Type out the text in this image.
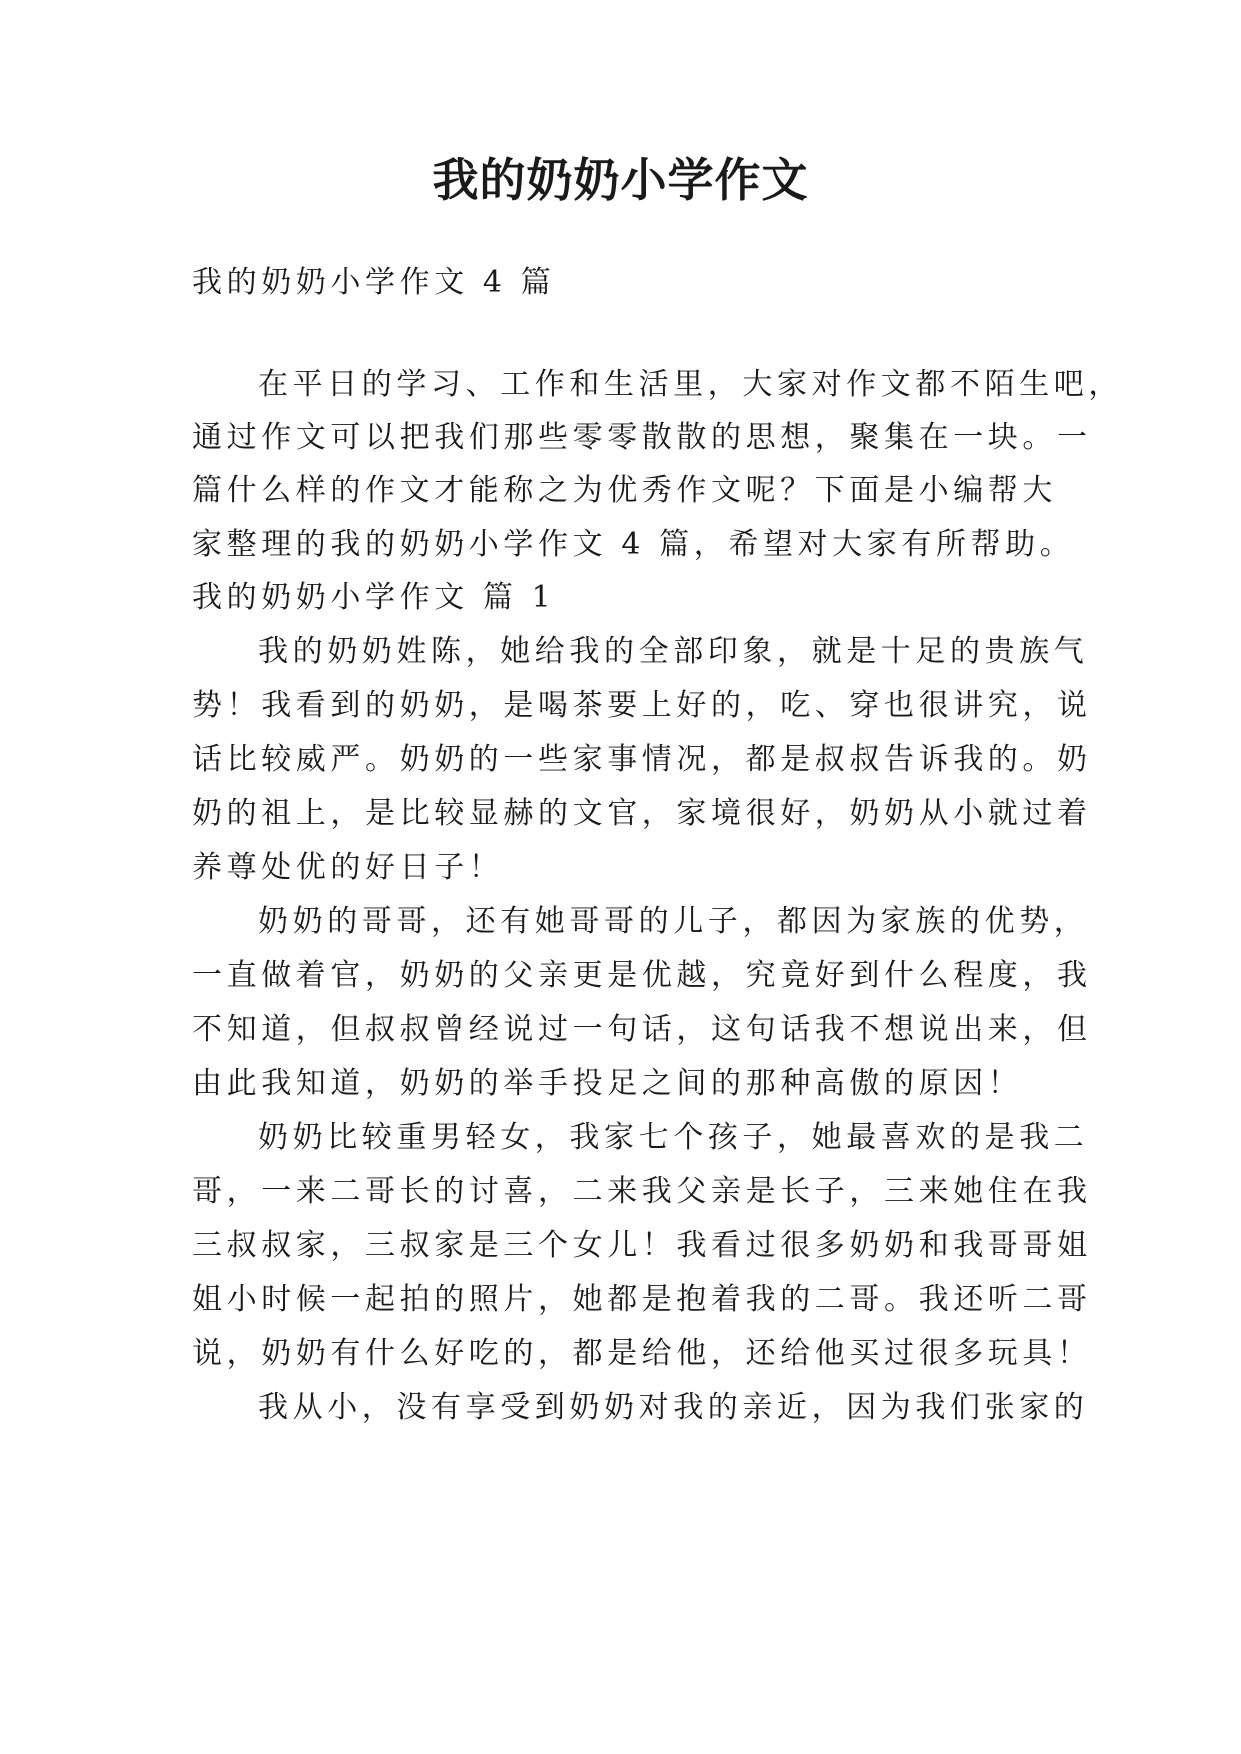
我的奶奶小学作文

我的奶奶小学作文 4 篇

在平日的学习、工作和生活里，大家对作文都不陌生吧，

通过作文可以把我们那些零零散散的思想，聚集在一块。一

篇什么样的作文才能称之为优秀作文呢？下面是小编帮大

家整理的我的奶奶小学作文 4 篇，希望对大家有所帮助。

我的奶奶小学作文 篇 1

我的奶奶姓陈，她给我的全部印象，就是十足的贵族气

势！我看到的奶奶，是喝茶要上好的，吃、穿也很讲究，说

话比较威严。奶奶的一些家事情况，都是叔叔告诉我的。奶

奶的祖上，是比较显赫的文官，家境很好，奶奶从小就过着

养尊处优的好日子！

奶奶的哥哥，还有她哥哥的儿子，都因为家族的优势，

一直做着官，奶奶的父亲更是优越，究竟好到什么程度，我

不知道，但叔叔曾经说过一句话，这句话我不想说出来，但

由此我知道，奶奶的举手投足之间的那种高傲的原因！

奶奶比较重男轻女，我家七个孩子，她最喜欢的是我二

哥，一来二哥长的讨喜，二来我父亲是长子，三来她住在我

三叔叔家，三叔家是三个女儿！我看过很多奶奶和我哥哥姐

姐小时候一起拍的照片，她都是抱着我的二哥。我还听二哥

说，奶奶有什么好吃的，都是给他，还给他买过很多玩具！

我从小，没有享受到奶奶对我的亲近，因为我们张家的
